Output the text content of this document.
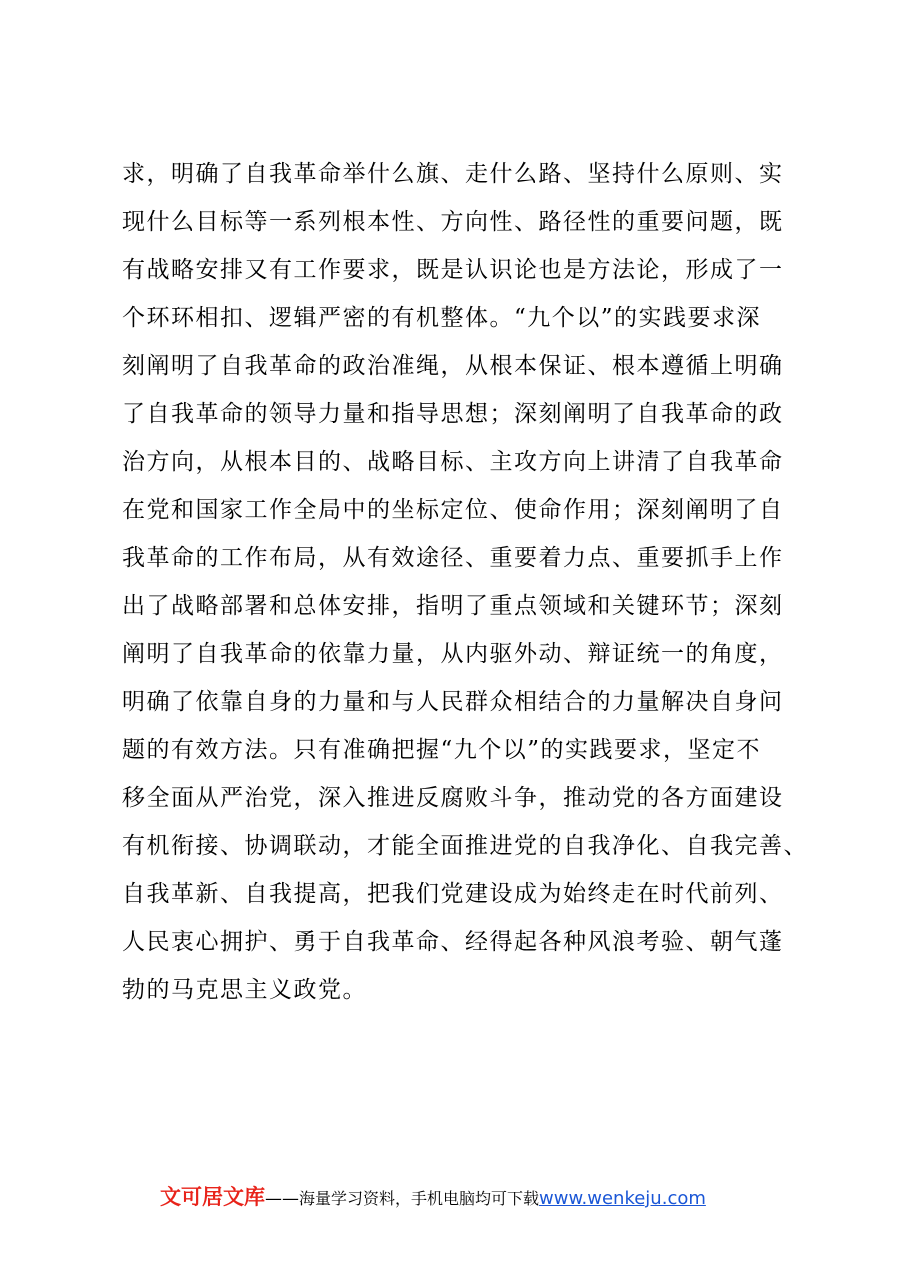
求，明确了自我革命举什么旗、走什么路、坚持什么原则、实
现什么目标等一系列根本性、方向性、路径性的重要问题，既
有战略安排又有工作要求，既是认识论也是方法论，形成了一
个环环相扣、逻辑严密的有机整体。“九个以”的实践要求深
刻阐明了自我革命的政治准绳，从根本保证、根本遵循上明确
了自我革命的领导力量和指导思想；深刻阐明了自我革命的政
治方向，从根本目的、战略目标、主攻方向上讲清了自我革命
在党和国家工作全局中的坐标定位、使命作用；深刻阐明了自
我革命的工作布局，从有效途径、重要着力点、重要抓手上作
出了战略部署和总体安排，指明了重点领域和关键环节；深刻
阐明了自我革命的依靠力量，从内驱外动、辩证统一的角度，
明确了依靠自身的力量和与人民群众相结合的力量解决自身问
题的有效方法。只有准确把握“九个以”的实践要求，坚定不
移全面从严治党，深入推进反腐败斗争，推动党的各方面建设
有机衔接、协调联动，才能全面推进党的自我净化、自我完善、
自我革新、自我提高，把我们党建设成为始终走在时代前列、
人民衷心拥护、勇于自我革命、经得起各种风浪考验、朝气蓬
勃的马克思主义政党。
文可居文库——海量学习资料，手机电脑均可下载www.wenkeju.com
